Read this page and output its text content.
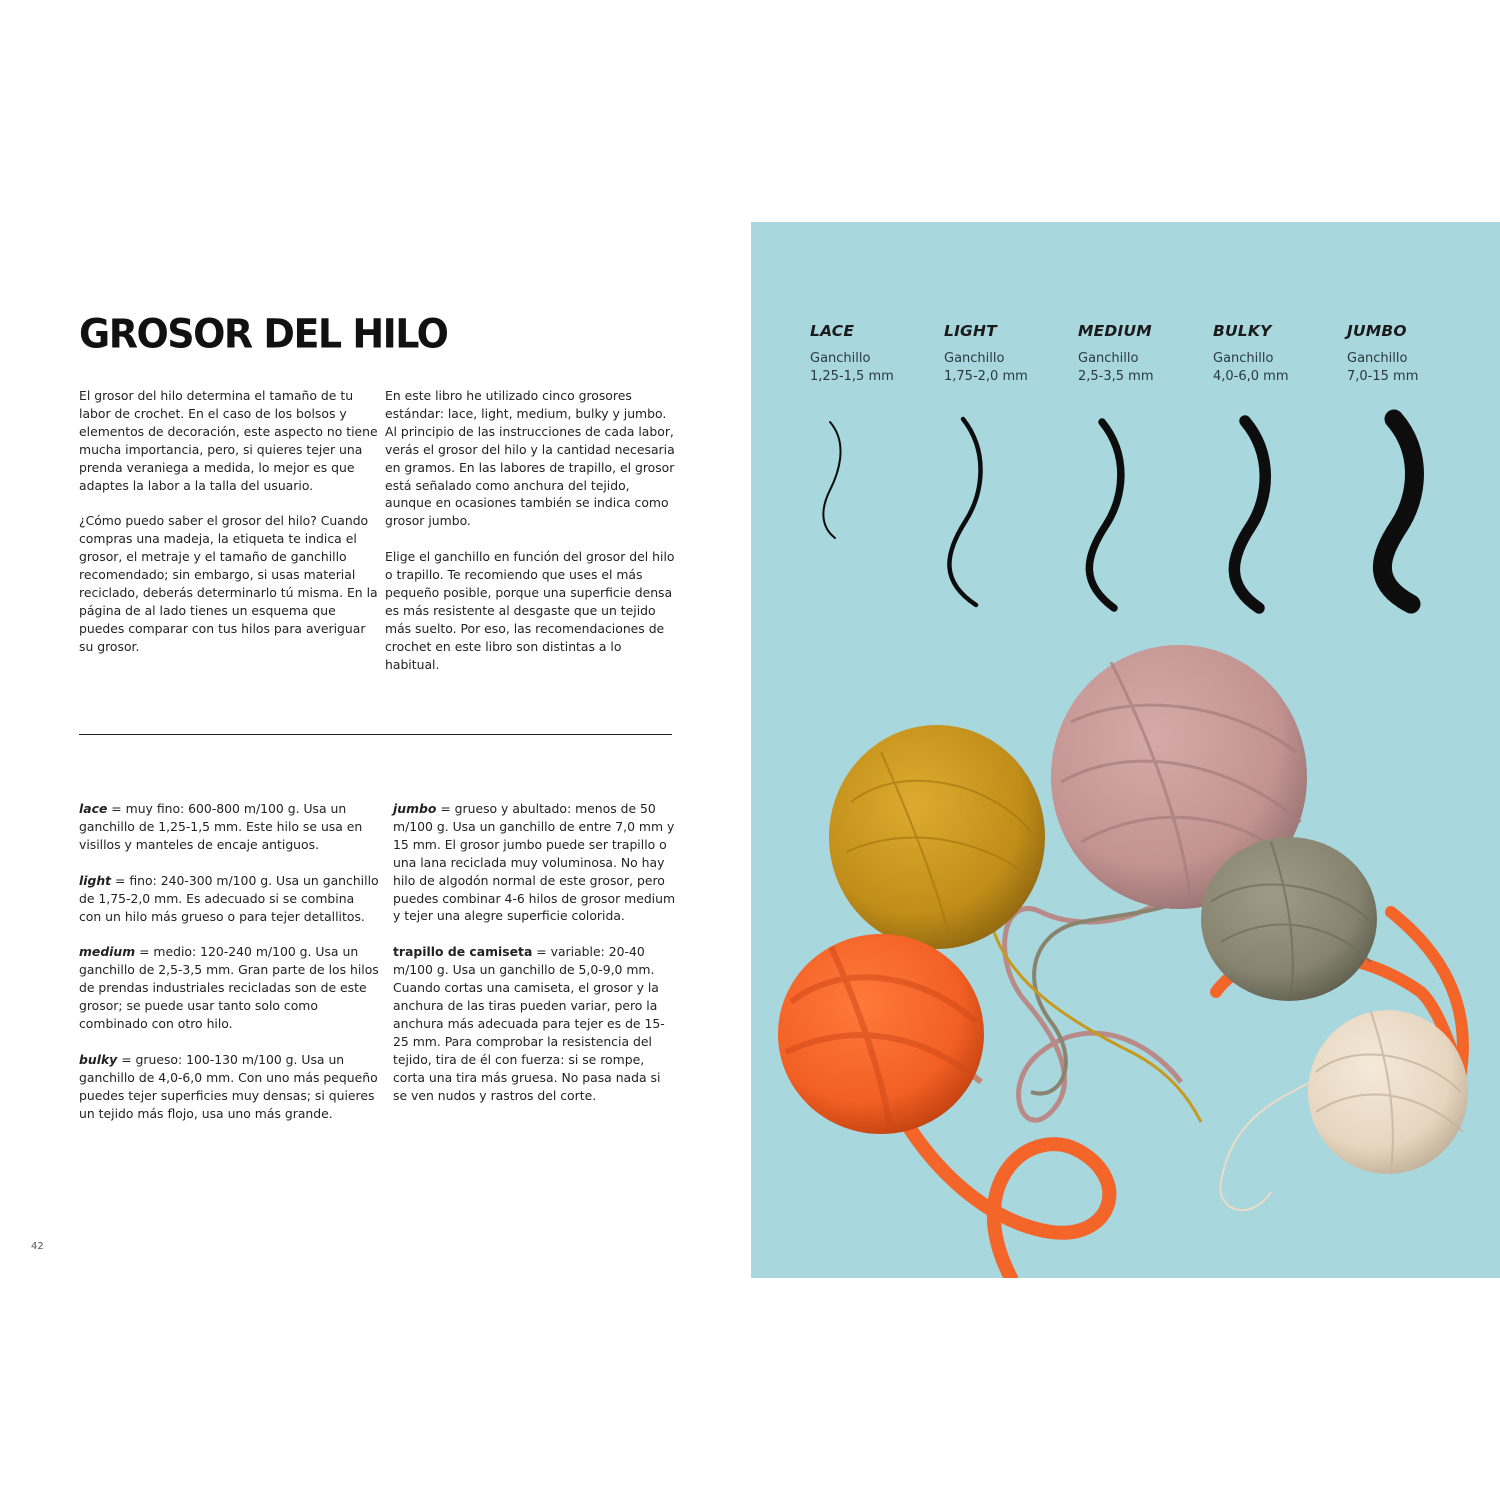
GROSOR DEL HILO

El grosor del hilo determina el tamaño de tu labor de crochet. En el caso de los bolsos y elementos de decoración, este aspecto no tiene mucha importancia, pero, si quieres tejer una prenda veraniega a medida, lo mejor es que adaptes la labor a la talla del usuario.

¿Cómo puedo saber el grosor del hilo? Cuando compras una madeja, la etiqueta te indica el grosor, el metraje y el tamaño de ganchillo recomendado; sin embargo, si usas material reciclado, deberás determinarlo tú misma. En la página de al lado tienes un esquema que puedes comparar con tus hilos para averiguar su grosor.

En este libro he utilizado cinco grosores estándar: lace, light, medium, bulky y jumbo. Al principio de las instrucciones de cada labor, verás el grosor del hilo y la cantidad necesaria en gramos. En las labores de trapillo, el grosor está señalado como anchura del tejido, aunque en ocasiones también se indica como grosor jumbo.

Elige el ganchillo en función del grosor del hilo o trapillo. Te recomiendo que uses el más pequeño posible, porque una superficie densa es más resistente al desgaste que un tejido más suelto. Por eso, las recomendaciones de crochet en este libro son distintas a lo habitual.

lace = muy fino: 600-800 m/100 g. Usa un ganchillo de 1,25-1,5 mm. Este hilo se usa en visillos y manteles de encaje antiguos.

light = fino: 240-300 m/100 g. Usa un ganchillo de 1,75-2,0 mm. Es adecuado si se combina con un hilo más grueso o para tejer detallitos.

medium = medio: 120-240 m/100 g. Usa un ganchillo de 2,5-3,5 mm. Gran parte de los hilos de prendas industriales recicladas son de este grosor; se puede usar tanto solo como combinado con otro hilo.

bulky = grueso: 100-130 m/100 g. Usa un ganchillo de 4,0-6,0 mm. Con uno más pequeño puedes tejer superficies muy densas; si quieres un tejido más flojo, usa uno más grande.

jumbo = grueso y abultado: menos de 50 m/100 g. Usa un ganchillo de entre 7,0 mm y 15 mm. El grosor jumbo puede ser trapillo o una lana reciclada muy voluminosa. No hay hilo de algodón normal de este grosor, pero puedes combinar 4-6 hilos de grosor medium y tejer una alegre superficie colorida.

trapillo de camiseta = variable: 20-40 m/100 g. Usa un ganchillo de 5,0-9,0 mm. Cuando cortas una camiseta, el grosor y la anchura de las tiras pueden variar, pero la anchura más adecuada para tejer es de 15-25 mm. Para comprobar la resistencia del tejido, tira de él con fuerza: si se rompe, corta una tira más gruesa. No pasa nada si se ven nudos y rastros del corte.

42
LACE
Ganchillo
1,25-1,5 mm
LIGHT
Ganchillo
1,75-2,0 mm
MEDIUM
Ganchillo
2,5-3,5 mm
BULKY
Ganchillo
4,0-6,0 mm
JUMBO
Ganchillo
7,0-15 mm
